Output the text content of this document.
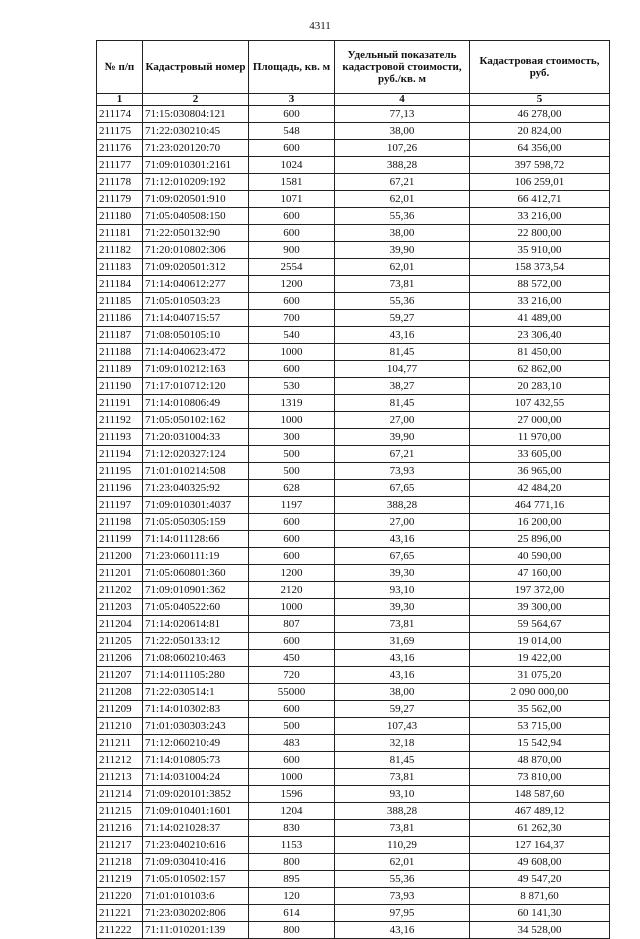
4311
№ п/п	Кадастровый номер	Площадь, кв. м	Удельный показатель кадастровой стоимости, руб./кв. м	Кадастровая стоимость, руб.
1	2	3	4	5
211174	71:15:030804:121	600	77,13	46 278,00
211175	71:22:030210:45	548	38,00	20 824,00
211176	71:23:020120:70	600	107,26	64 356,00
211177	71:09:010301:2161	1024	388,28	397 598,72
211178	71:12:010209:192	1581	67,21	106 259,01
211179	71:09:020501:910	1071	62,01	66 412,71
211180	71:05:040508:150	600	55,36	33 216,00
211181	71:22:050132:90	600	38,00	22 800,00
211182	71:20:010802:306	900	39,90	35 910,00
211183	71:09:020501:312	2554	62,01	158 373,54
211184	71:14:040612:277	1200	73,81	88 572,00
211185	71:05:010503:23	600	55,36	33 216,00
211186	71:14:040715:57	700	59,27	41 489,00
211187	71:08:050105:10	540	43,16	23 306,40
211188	71:14:040623:472	1000	81,45	81 450,00
211189	71:09:010212:163	600	104,77	62 862,00
211190	71:17:010712:120	530	38,27	20 283,10
211191	71:14:010806:49	1319	81,45	107 432,55
211192	71:05:050102:162	1000	27,00	27 000,00
211193	71:20:031004:33	300	39,90	11 970,00
211194	71:12:020327:124	500	67,21	33 605,00
211195	71:01:010214:508	500	73,93	36 965,00
211196	71:23:040325:92	628	67,65	42 484,20
211197	71:09:010301:4037	1197	388,28	464 771,16
211198	71:05:050305:159	600	27,00	16 200,00
211199	71:14:011128:66	600	43,16	25 896,00
211200	71:23:060111:19	600	67,65	40 590,00
211201	71:05:060801:360	1200	39,30	47 160,00
211202	71:09:010901:362	2120	93,10	197 372,00
211203	71:05:040522:60	1000	39,30	39 300,00
211204	71:14:020614:81	807	73,81	59 564,67
211205	71:22:050133:12	600	31,69	19 014,00
211206	71:08:060210:463	450	43,16	19 422,00
211207	71:14:011105:280	720	43,16	31 075,20
211208	71:22:030514:1	55000	38,00	2 090 000,00
211209	71:14:010302:83	600	59,27	35 562,00
211210	71:01:030303:243	500	107,43	53 715,00
211211	71:12:060210:49	483	32,18	15 542,94
211212	71:14:010805:73	600	81,45	48 870,00
211213	71:14:031004:24	1000	73,81	73 810,00
211214	71:09:020101:3852	1596	93,10	148 587,60
211215	71:09:010401:1601	1204	388,28	467 489,12
211216	71:14:021028:37	830	73,81	61 262,30
211217	71:23:040210:616	1153	110,29	127 164,37
211218	71:09:030410:416	800	62,01	49 608,00
211219	71:05:010502:157	895	55,36	49 547,20
211220	71:01:010103:6	120	73,93	8 871,60
211221	71:23:030202:806	614	97,95	60 141,30
211222	71:11:010201:139	800	43,16	34 528,00
